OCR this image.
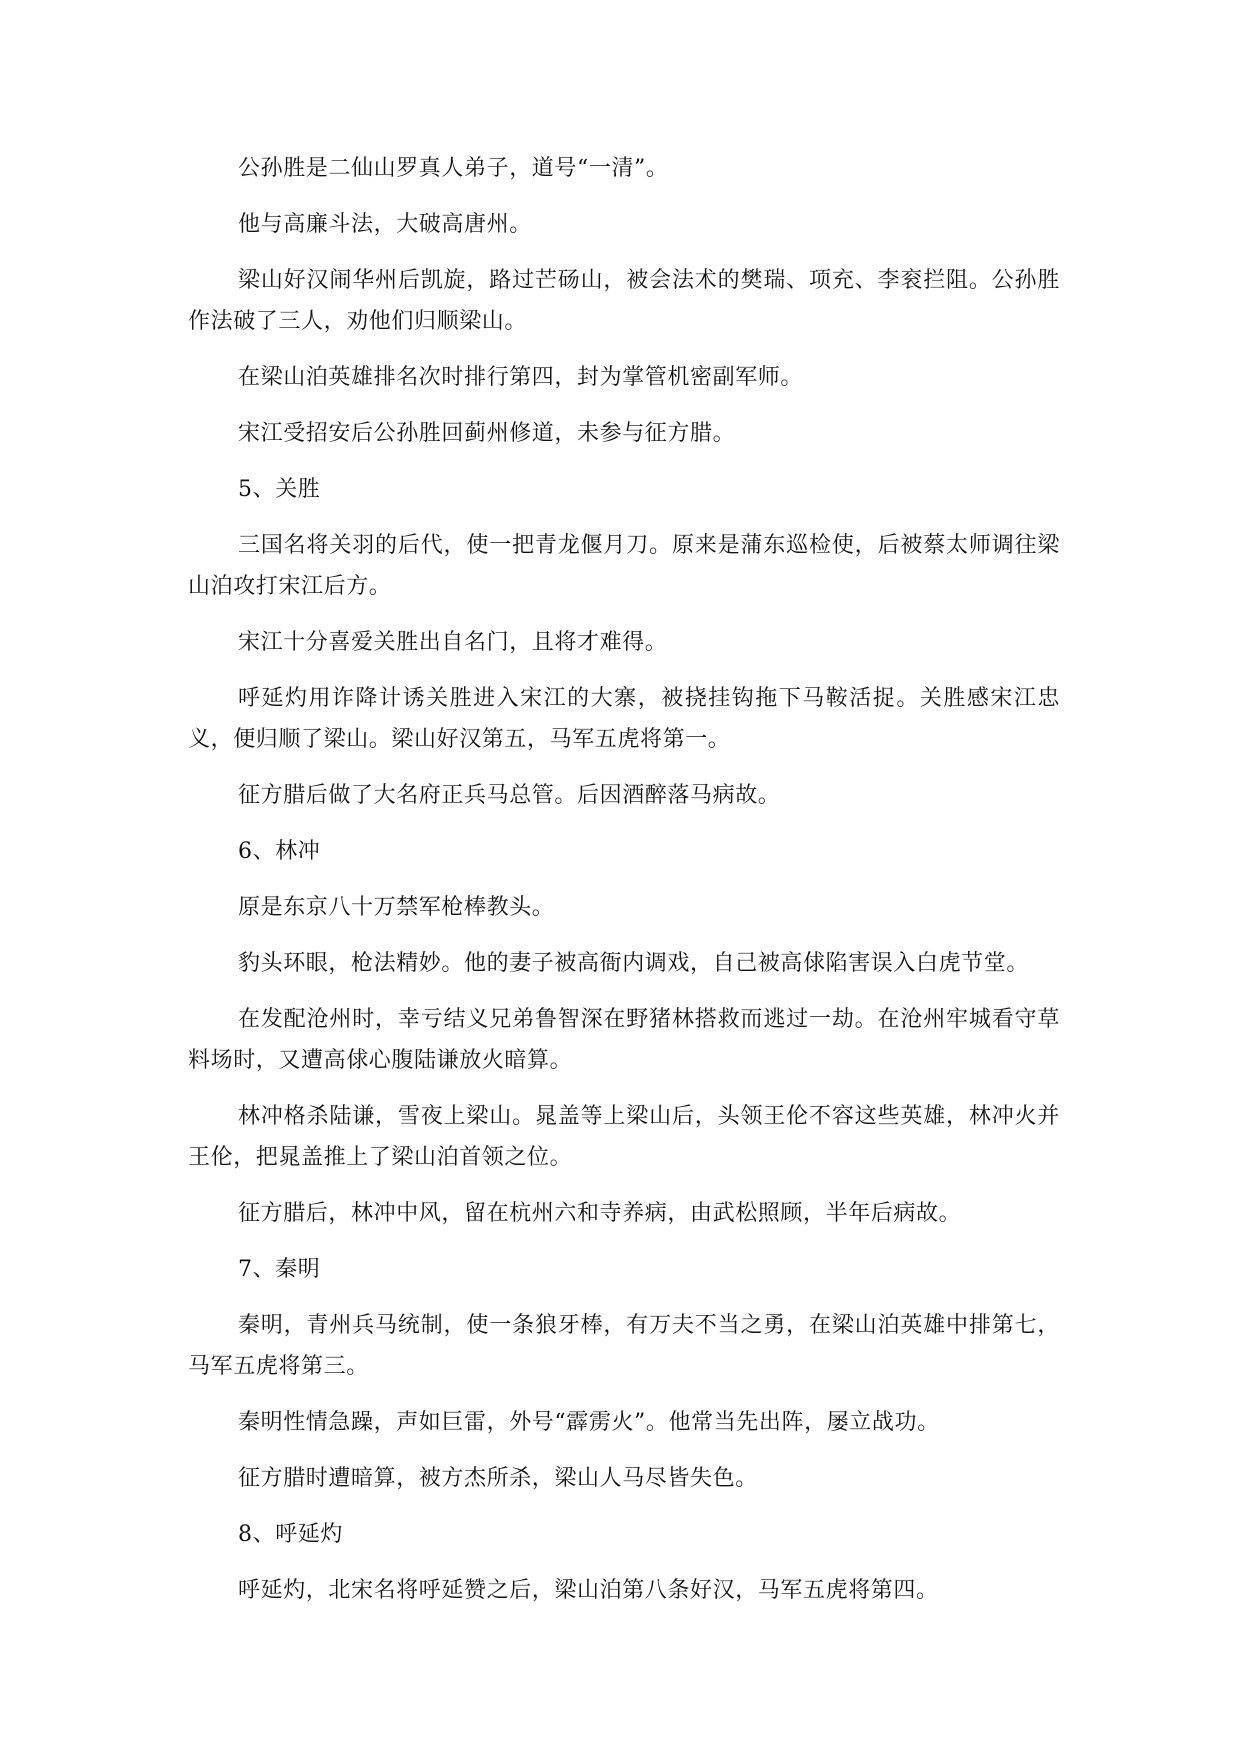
公孙胜是二仙山罗真人弟子，道号“一清”。

他与高廉斗法，大破高唐州。

梁山好汉闹华州后凯旋，路过芒砀山，被会法术的樊瑞、项充、李衮拦阻。公孙胜作法破了三人，劝他们归顺梁山。

在梁山泊英雄排名次时排行第四，封为掌管机密副军师。

宋江受招安后公孙胜回蓟州修道，未参与征方腊。

5、关胜

三国名将关羽的后代，使一把青龙偃月刀。原来是蒲东巡检使，后被蔡太师调往梁山泊攻打宋江后方。

宋江十分喜爱关胜出自名门，且将才难得。

呼延灼用诈降计诱关胜进入宋江的大寨，被挠挂钩拖下马鞍活捉。关胜感宋江忠义，便归顺了梁山。梁山好汉第五，马军五虎将第一。

征方腊后做了大名府正兵马总管。后因酒醉落马病故。

6、林冲

原是东京八十万禁军枪棒教头。

豹头环眼，枪法精妙。他的妻子被高衙内调戏，自己被高俅陷害误入白虎节堂。

在发配沧州时，幸亏结义兄弟鲁智深在野猪林搭救而逃过一劫。在沧州牢城看守草料场时，又遭高俅心腹陆谦放火暗算。

林冲格杀陆谦，雪夜上梁山。晁盖等上梁山后，头领王伦不容这些英雄，林冲火并王伦，把晁盖推上了梁山泊首领之位。

征方腊后，林冲中风，留在杭州六和寺养病，由武松照顾，半年后病故。

7、秦明

秦明，青州兵马统制，使一条狼牙棒，有万夫不当之勇，在梁山泊英雄中排第七，马军五虎将第三。

秦明性情急躁，声如巨雷，外号“霹雳火”。他常当先出阵，屡立战功。

征方腊时遭暗算，被方杰所杀，梁山人马尽皆失色。

8、呼延灼

呼延灼，北宋名将呼延赞之后，梁山泊第八条好汉，马军五虎将第四。
